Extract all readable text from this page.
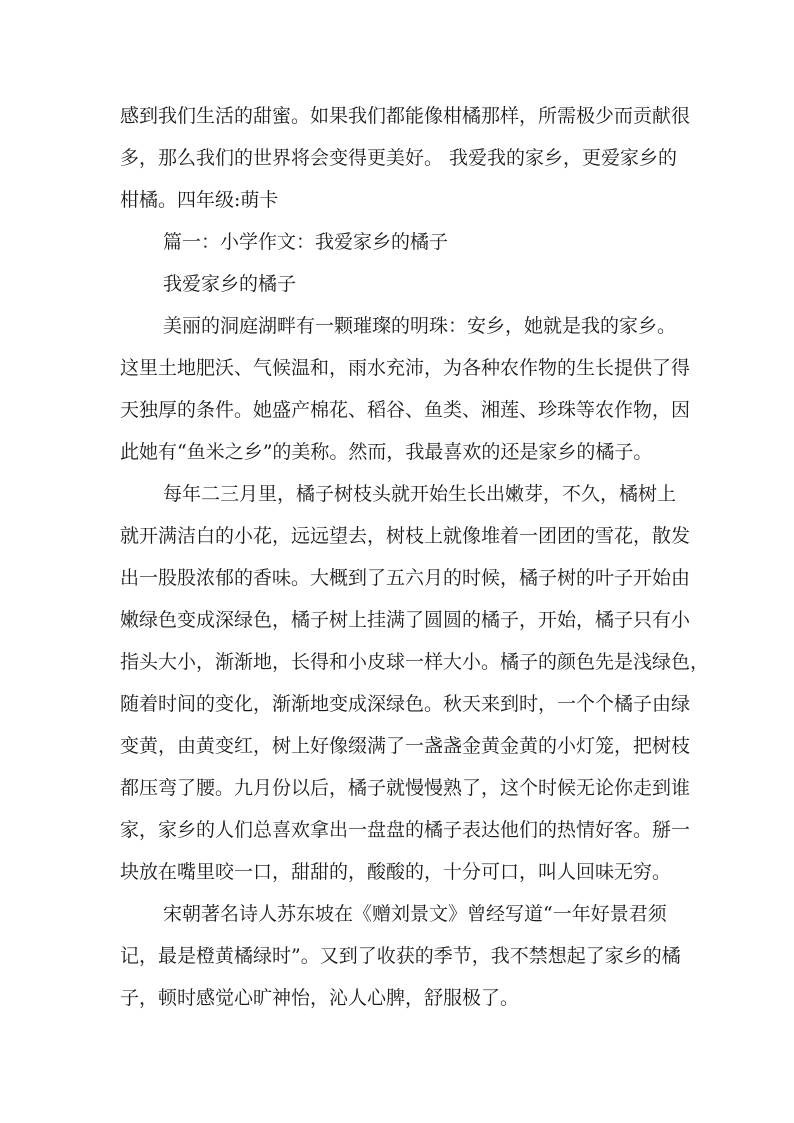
感到我们生活的甜蜜。如果我们都能像柑橘那样，所需极少而贡献很
多，那么我们的世界将会变得更美好。 我爱我的家乡，更爱家乡的
柑橘。四年级:萌卡
篇一：小学作文：我爱家乡的橘子
我爱家乡的橘子
美丽的洞庭湖畔有一颗璀璨的明珠：安乡，她就是我的家乡。
这里土地肥沃、气候温和，雨水充沛，为各种农作物的生长提供了得
天独厚的条件。她盛产棉花、稻谷、鱼类、湘莲、珍珠等农作物，因
此她有“鱼米之乡”的美称。然而，我最喜欢的还是家乡的橘子。
每年二三月里，橘子树枝头就开始生长出嫩芽，不久，橘树上
就开满洁白的小花，远远望去，树枝上就像堆着一团团的雪花，散发
出一股股浓郁的香味。大概到了五六月的时候，橘子树的叶子开始由
嫩绿色变成深绿色，橘子树上挂满了圆圆的橘子，开始，橘子只有小
指头大小，渐渐地，长得和小皮球一样大小。橘子的颜色先是浅绿色，
随着时间的变化，渐渐地变成深绿色。秋天来到时，一个个橘子由绿
变黄，由黄变红，树上好像缀满了一盏盏金黄金黄的小灯笼，把树枝
都压弯了腰。九月份以后，橘子就慢慢熟了，这个时候无论你走到谁
家，家乡的人们总喜欢拿出一盘盘的橘子表达他们的热情好客。掰一
块放在嘴里咬一口，甜甜的，酸酸的，十分可口，叫人回味无穷。
宋朝著名诗人苏东坡在《赠刘景文》曾经写道“一年好景君须
记，最是橙黄橘绿时”。又到了收获的季节，我不禁想起了家乡的橘
子，顿时感觉心旷神怡，沁人心脾，舒服极了。
